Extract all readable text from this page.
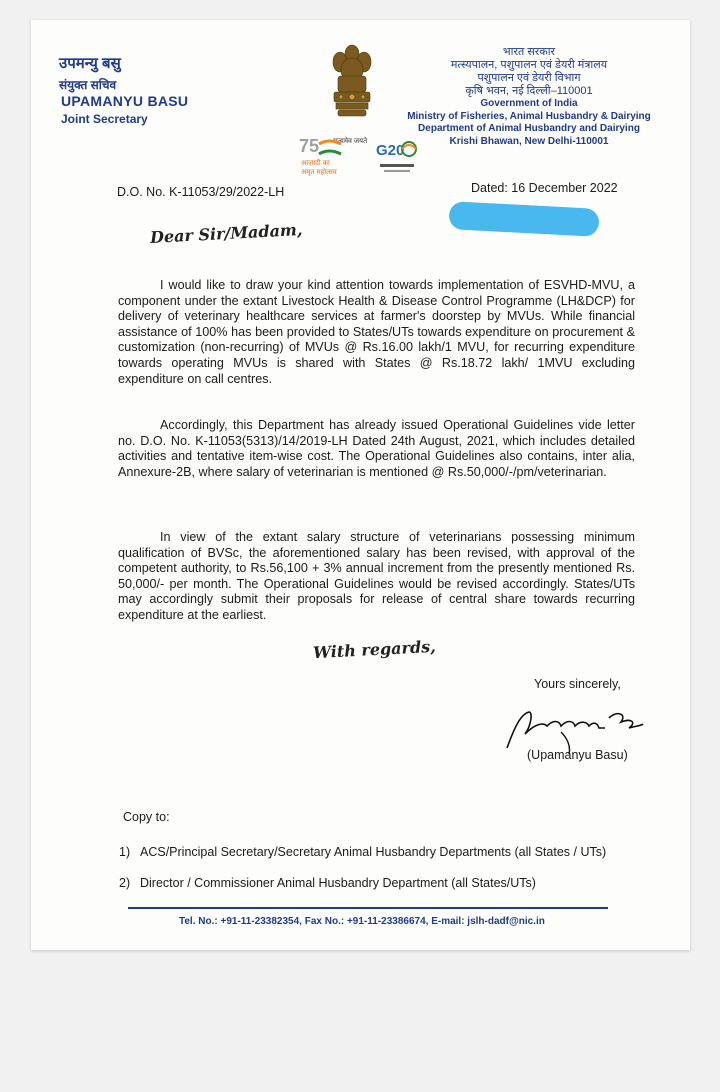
उपमन्यु बसु
संयुक्त सचिव
UPAMANYU BASU
Joint Secretary
सत्यमेव जयते
75
आज़ादी का
अमृत महोत्सव
G20
भारत सरकार
मत्स्यपालन, पशुपालन एवं डेयरी मंत्रालय
पशुपालन एवं डेयरी विभाग
कृषि भवन, नई दिल्ली–110001
Government of India
Ministry of Fisheries, Animal Husbandry & Dairying
Department of Animal Husbandry and Dairying
Krishi Bhawan, New Delhi-110001
D.O. No. K-11053/29/2022-LH	Dated: 16 December 2022
Dear Sir/Madam,
I would like to draw your kind attention towards implementation of ESVHD-MVU, a component under the extant Livestock Health & Disease Control Programme (LH&DCP) for delivery of veterinary healthcare services at farmer's doorstep by MVUs. While financial assistance of 100% has been provided to States/UTs towards expenditure on procurement & customization (non-recurring) of MVUs @ Rs.16.00 lakh/1 MVU, for recurring expenditure towards operating MVUs is shared with States @ Rs.18.72 lakh/ 1MVU excluding expenditure on call centres.
Accordingly, this Department has already issued Operational Guidelines vide letter no. D.O. No. K-11053(5313)/14/2019-LH Dated 24th August, 2021, which includes detailed activities and tentative item-wise cost. The Operational Guidelines also contains, inter alia, Annexure-2B, where salary of veterinarian is mentioned @ Rs.50,000/-/pm/veterinarian.
In view of the extant salary structure of veterinarians possessing minimum qualification of BVSc, the aforementioned salary has been revised, with approval of the competent authority, to Rs.56,100 + 3% annual increment from the presently mentioned Rs. 50,000/- per month. The Operational Guidelines would be revised accordingly. States/UTs may accordingly submit their proposals for release of central share towards recurring expenditure at the earliest.
With regards,
Yours sincerely,
(Upamanyu Basu)
Copy to:
1) ACS/Principal Secretary/Secretary Animal Husbandry Departments (all States / UTs)
2) Director / Commissioner Animal Husbandry Department (all States/UTs)
Tel. No.: +91-11-23382354, Fax No.: +91-11-23386674, E-mail: jslh-dadf@nic.in
